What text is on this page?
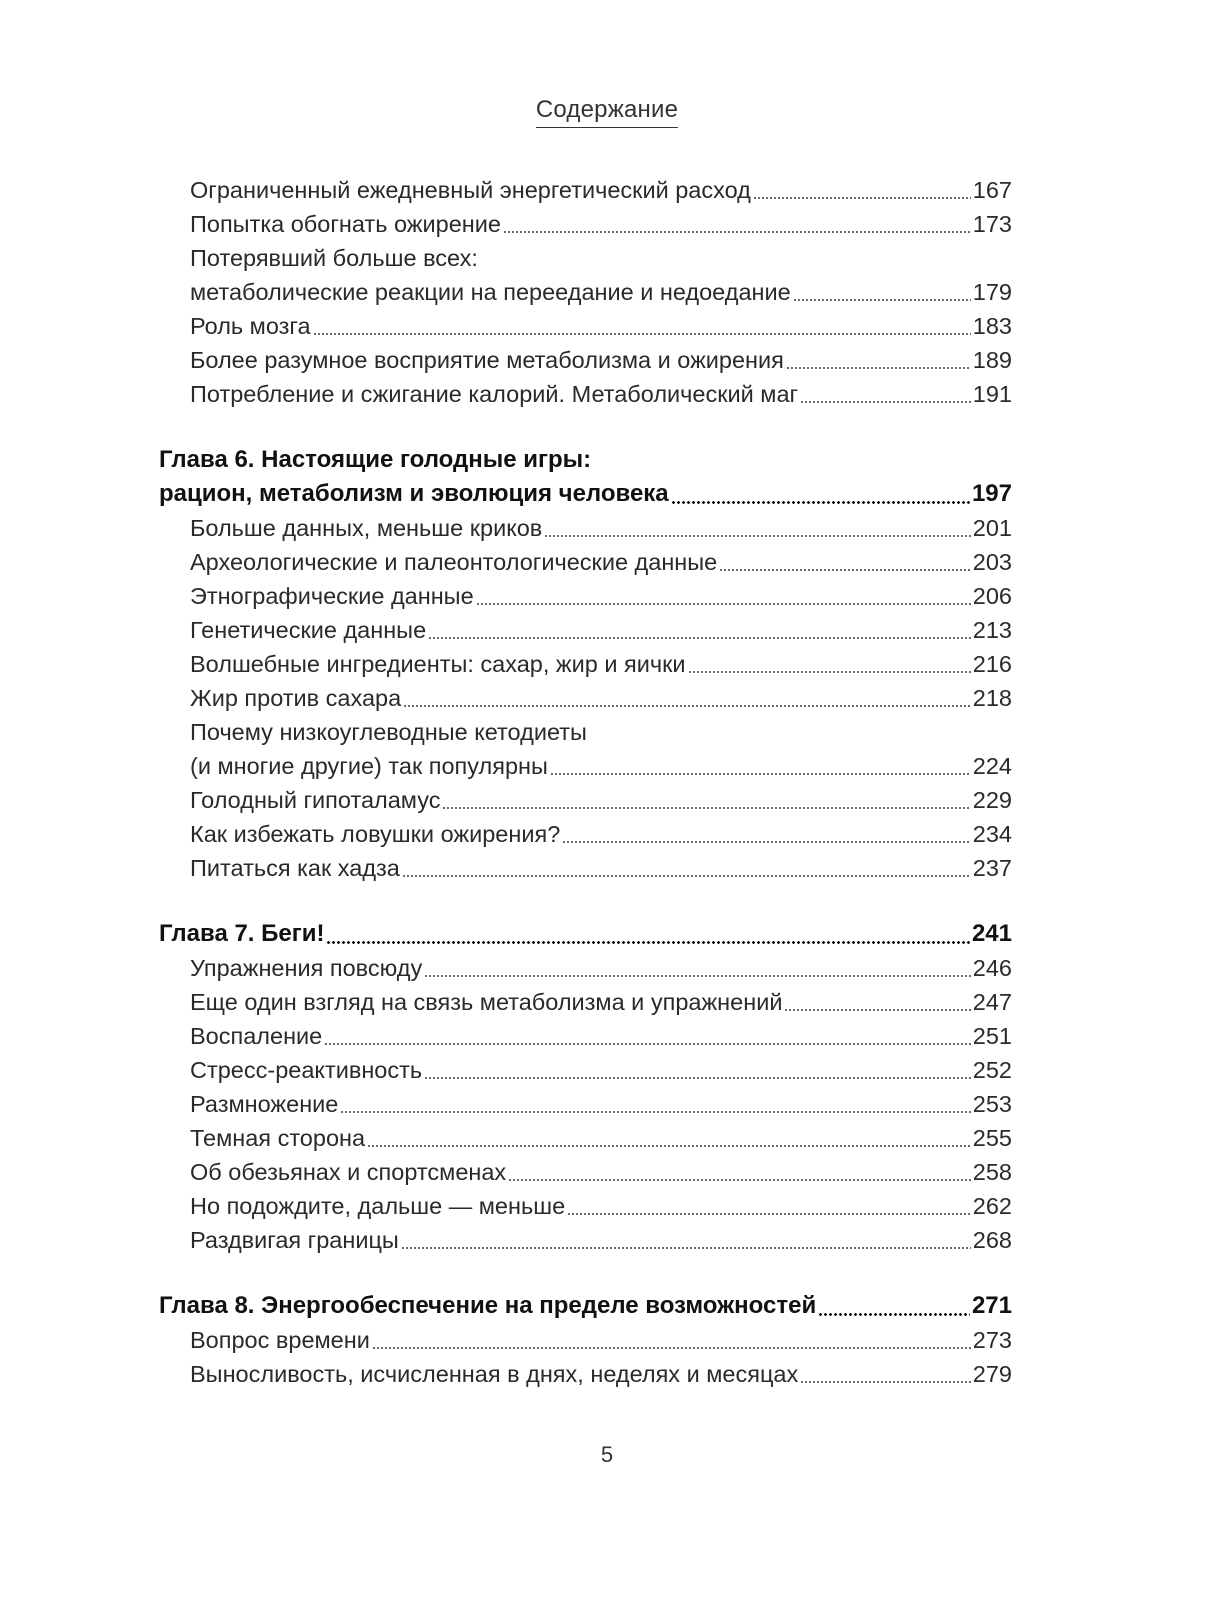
Содержание
Ограниченный ежедневный энергетический расход	167
Попытка обогнать ожирение	173
Потерявший больше всех:
метаболические реакции на переедание и недоедание	179
Роль мозга	183
Более разумное восприятие метаболизма и ожирения	189
Потребление и сжигание калорий. Метаболический маг	191
Глава 6. Настоящие голодные игры:
рацион, метаболизм и эволюция человека	197
Больше данных, меньше криков	201
Археологические и палеонтологические данные	203
Этнографические данные	206
Генетические данные	213
Волшебные ингредиенты: сахар, жир и яички	216
Жир против сахара	218
Почему низкоуглеводные кетодиеты
(и многие другие) так популярны	224
Голодный гипоталамус	229
Как избежать ловушки ожирения?	234
Питаться как хадза	237
Глава 7. Беги!	241
Упражнения повсюду	246
Еще один взгляд на связь метаболизма и упражнений	247
Воспаление	251
Стресс-реактивность	252
Размножение	253
Темная сторона	255
Об обезьянах и спортсменах	258
Но подождите, дальше — меньше	262
Раздвигая границы	268
Глава 8. Энергообеспечение на пределе возможностей	271
Вопрос времени	273
Выносливость, исчисленная в днях, неделях и месяцах	279
5
